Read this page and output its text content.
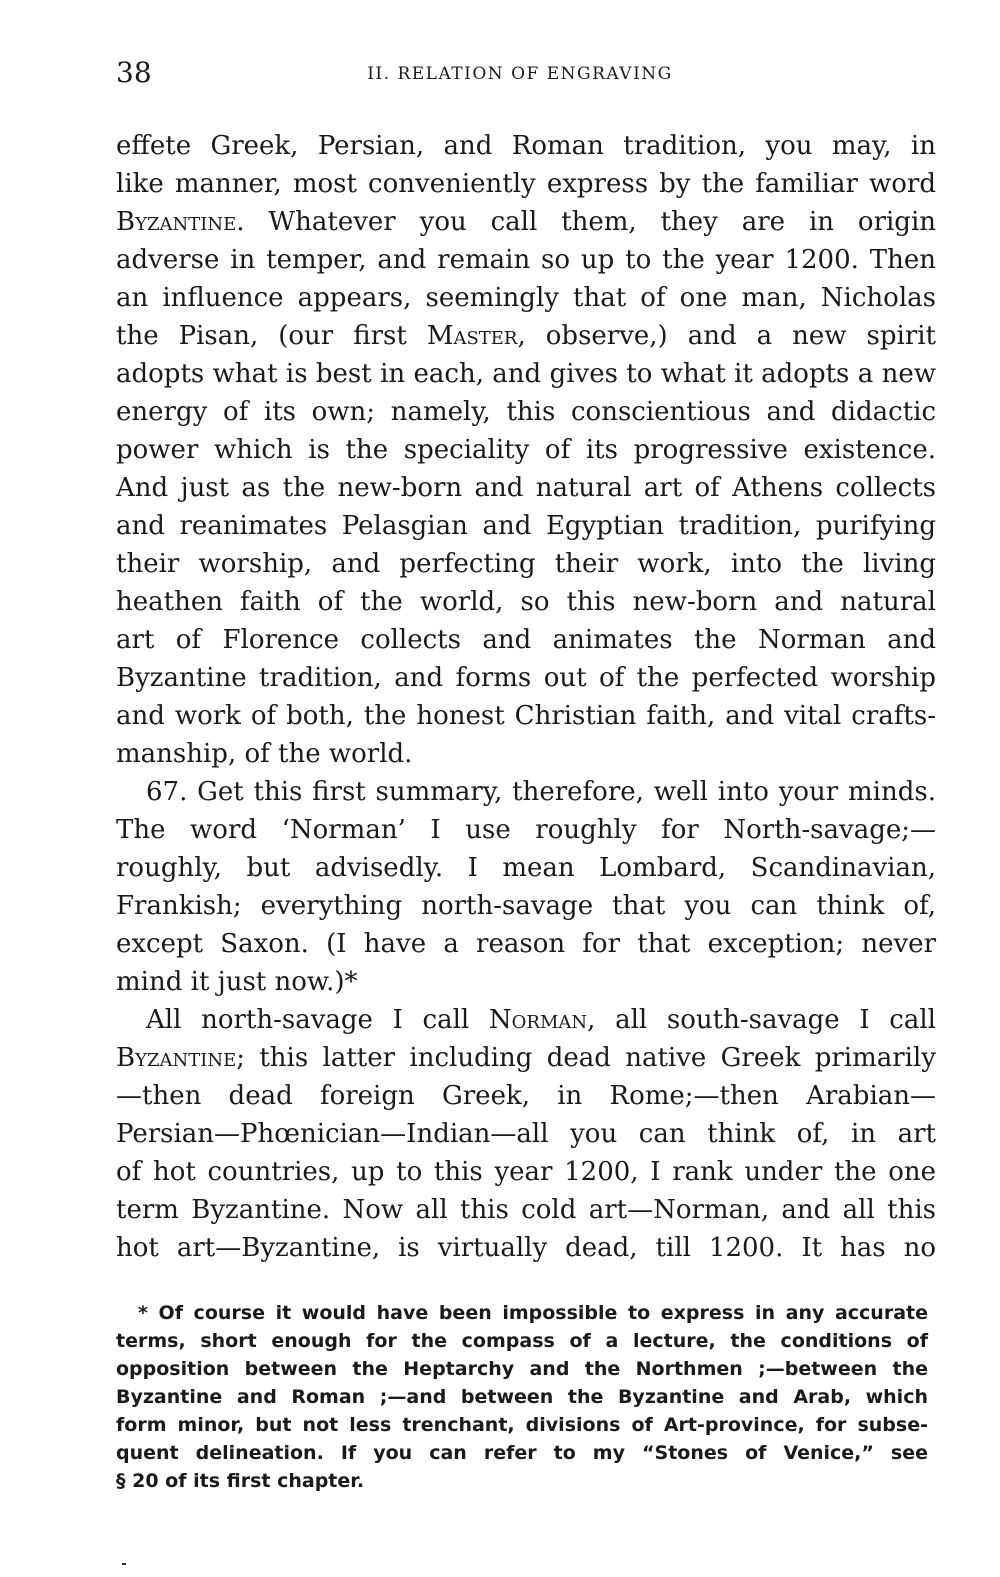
38	II. RELATION OF ENGRAVING
effete Greek, Persian, and Roman tradition, you may, in
like manner, most conveniently express by the familiar word
Byzantine. Whatever you call them, they are in origin
adverse in temper, and remain so up to the year 1200. Then
an influence appears, seemingly that of one man, Nicholas
the Pisan, (our first Master, observe,) and a new spirit
adopts what is best in each, and gives to what it adopts a new
energy of its own; namely, this conscientious and didactic
power which is the speciality of its progressive existence.
And just as the new-born and natural art of Athens collects
and reanimates Pelasgian and Egyptian tradition, purifying
their worship, and perfecting their work, into the living
heathen faith of the world, so this new-born and natural
art of Florence collects and animates the Norman and
Byzantine tradition, and forms out of the perfected worship
and work of both, the honest Christian faith, and vital crafts-
manship, of the world.
67. Get this first summary, therefore, well into your minds.
The word ‘Norman’ I use roughly for North-savage;—
roughly, but advisedly. I mean Lombard, Scandinavian,
Frankish; everything north-savage that you can think of,
except Saxon. (I have a reason for that exception; never
mind it just now.)*
All north-savage I call Norman, all south-savage I call
Byzantine; this latter including dead native Greek primarily
—then dead foreign Greek, in Rome;—then Arabian—
Persian—Phœnician—Indian—all you can think of, in art
of hot countries, up to this year 1200, I rank under the one
term Byzantine. Now all this cold art—Norman, and all this
hot art—Byzantine, is virtually dead, till 1200. It has no
* Of course it would have been impossible to express in any accurate
terms, short enough for the compass of a lecture, the conditions of
opposition between the Heptarchy and the Northmen ;—between the
Byzantine and Roman ;—and between the Byzantine and Arab, which
form minor, but not less trenchant, divisions of Art-province, for subse-
quent delineation. If you can refer to my “Stones of Venice,” see
§ 20 of its first chapter.
